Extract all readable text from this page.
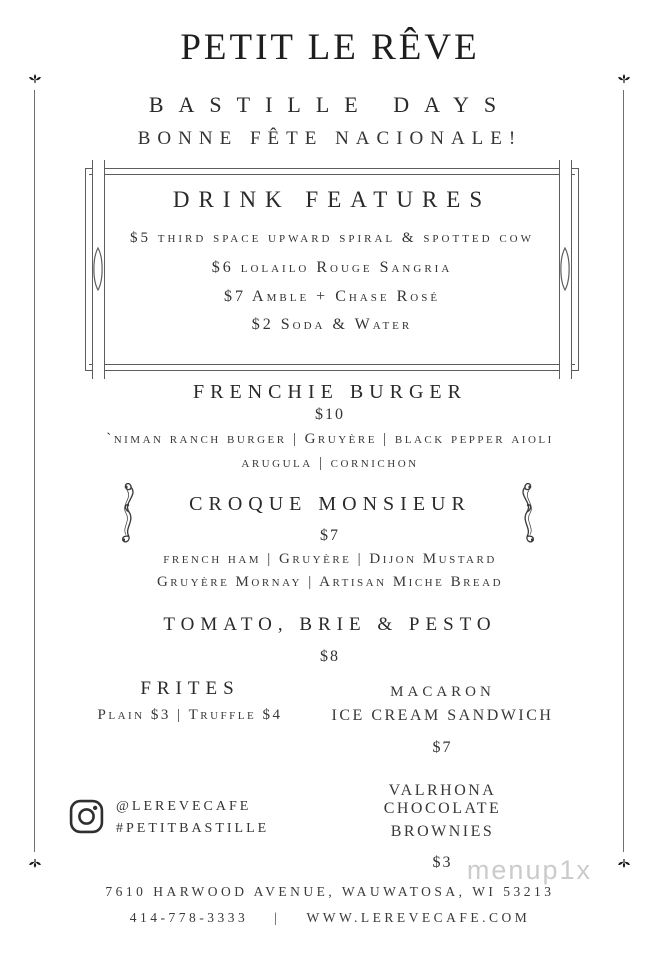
PETIT LE RÊVE
BASTILLE DAYS
BONNE FÊTE NACIONALE!
DRINK FEATURES
$5 third space upward spiral & spotted cow
$6 lolailo Rouge Sangria
$7 Amble + Chase Rosé
$2 Soda & Water
FRENCHIE BURGER
$10
`niman ranch burger | Gruyère | black pepper aioli
arugula | cornichon
CROQUE MONSIEUR
$7
french ham | Gruyère | Dijon Mustard
Gruyère Mornay | Artisan Miche Bread
TOMATO, BRIE & PESTO
$8
FRITES
Plain $3 | Truffle $4
MACARON
ICE CREAM SANDWICH
$7
VALRHONA CHOCOLATE
BROWNIES
$3
@LEREVECAFE
#PETITBASTILLE
menup1x
7610 HARWOOD AVENUE, WAUWATOSA, WI 53213
414-778-3333 | WWW.LEREVECAFE.COM
